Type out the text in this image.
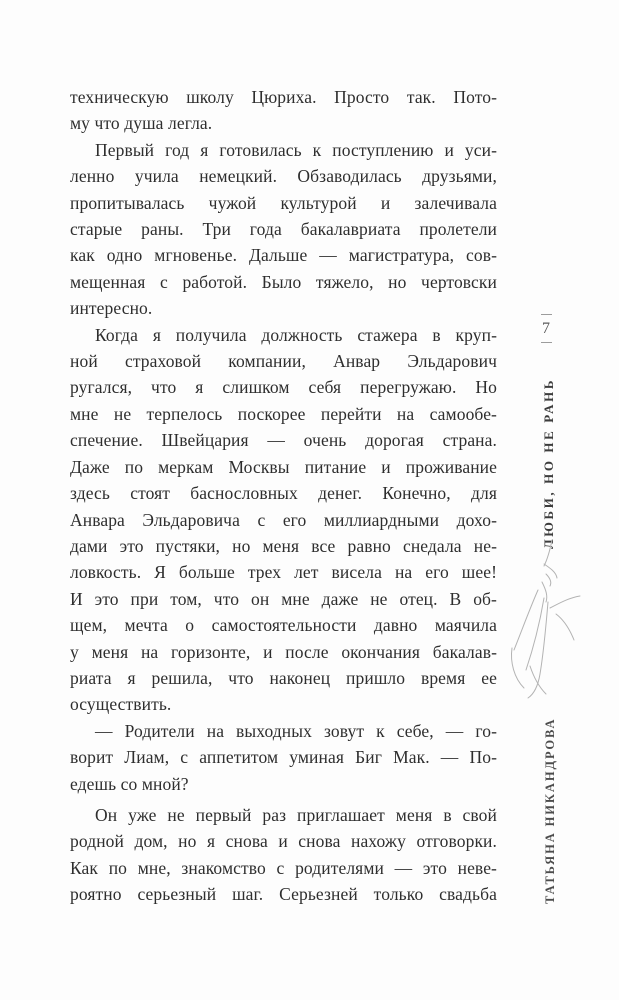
техническую школу Цюриха. Просто так. Пото-
му что душа легла.
Первый год я готовилась к поступлению и уси-
ленно учила немецкий. Обзаводилась друзьями,
пропитывалась чужой культурой и залечивала
старые раны. Три года бакалавриата пролетели
как одно мгновенье. Дальше — магистратура, сов-
мещенная с работой. Было тяжело, но чертовски
интересно.
Когда я получила должность стажера в круп-
ной страховой компании, Анвар Эльдарович
ругался, что я слишком себя перегружаю. Но
мне не терпелось поскорее перейти на самообе-
спечение. Швейцария — очень дорогая страна.
Даже по меркам Москвы питание и проживание
здесь стоят баснословных денег. Конечно, для
Анвара Эльдаровича с его миллиардными дохо-
дами это пустяки, но меня все равно снедала не-
ловкость. Я больше трех лет висела на его шее!
И это при том, что он мне даже не отец. В об-
щем, мечта о самостоятельности давно маячила
у меня на горизонте, и после окончания бакалав-
риата я решила, что наконец пришло время ее
осуществить.
— Родители на выходных зовут к себе, — го-
ворит Лиам, с аппетитом уминая Биг Мак. — По-
едешь со мной?
Он уже не первый раз приглашает меня в свой
родной дом, но я снова и снова нахожу отговорки.
Как по мне, знакомство с родителями — это неве-
роятно серьезный шаг. Серьезней только свадьба
7
ЛЮБИ, НО НЕ РАНЬ
ТАТЬЯНА НИКАНДРОВА
